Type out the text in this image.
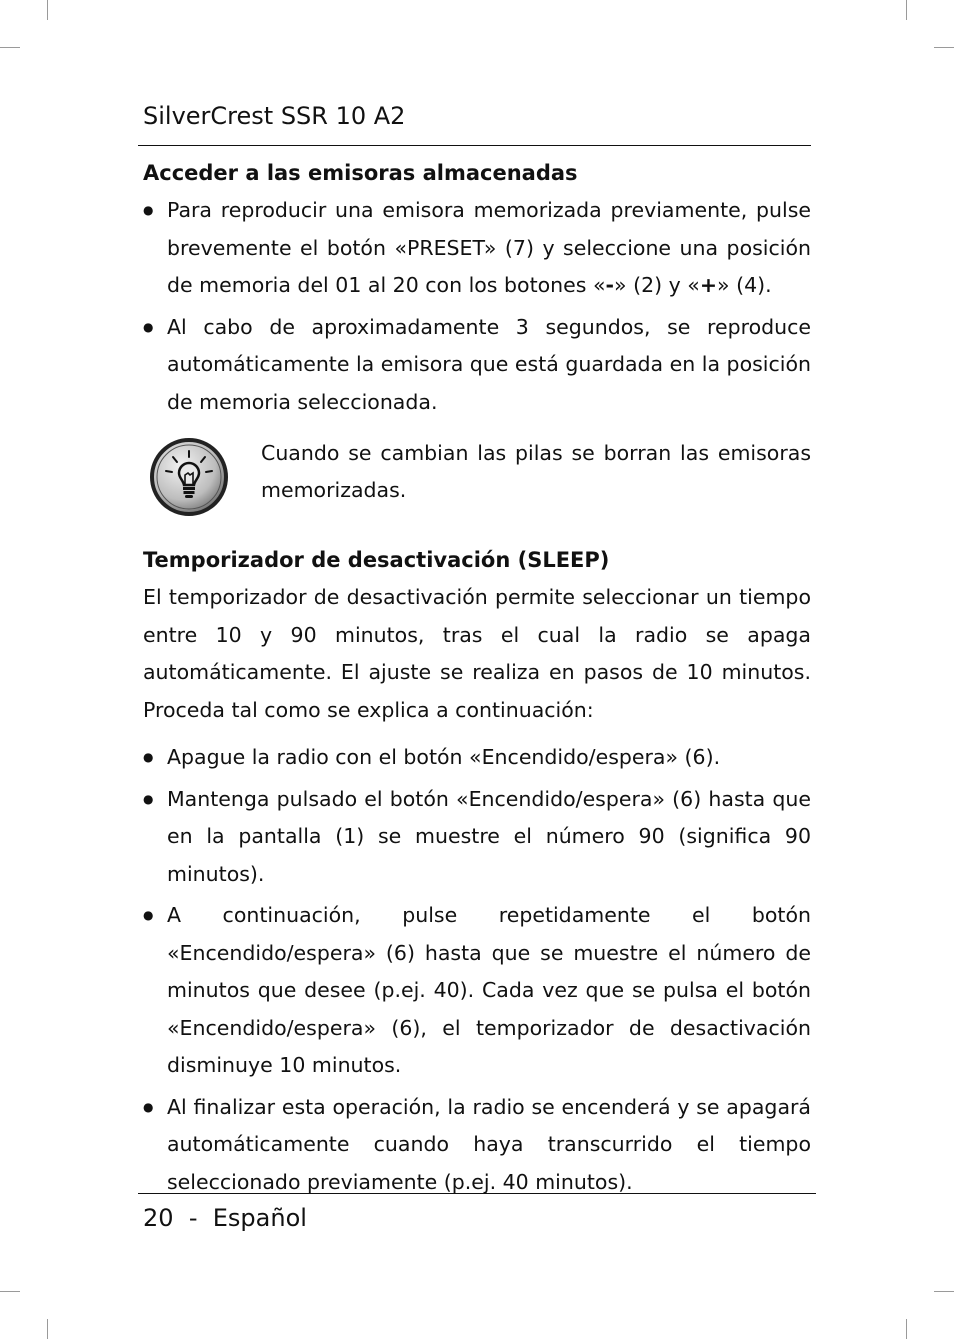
SilverCrest SSR 10 A2
Acceder a las emisoras almacenadas
● Para reproducir una emisora memorizada previamente, pulse brevemente el botón «PRESET» (7) y seleccione una posición de memoria del 01 al 20 con los botones «-» (2) y «+» (4).
● Al cabo de aproximadamente 3 segundos, se reproduce automáticamente la emisora que está guardada en la posición de memoria seleccionada.
Cuando se cambian las pilas se borran las emisoras memorizadas.
Temporizador de desactivación (SLEEP)

El temporizador de desactivación permite seleccionar un tiempo entre 10 y 90 minutos, tras el cual la radio se apaga automáticamente. El ajuste se realiza en pasos de 10 minutos. Proceda tal como se explica a continuación:

● Apague la radio con el botón «Encendido/espera» (6).
● Mantenga pulsado el botón «Encendido/espera» (6) hasta que en la pantalla (1) se muestre el número 90 (significa 90 minutos).
● A continuación, pulse repetidamente el botón «Encendido/espera» (6) hasta que se muestre el número de minutos que desee (p.ej. 40). Cada vez que se pulsa el botón «Encendido/espera» (6), el temporizador de desactivación disminuye 10 minutos.
● Al finalizar esta operación, la radio se encenderá y se apagará automáticamente cuando haya transcurrido el tiempo seleccionado previamente (p.ej. 40 minutos).
20 - Español
